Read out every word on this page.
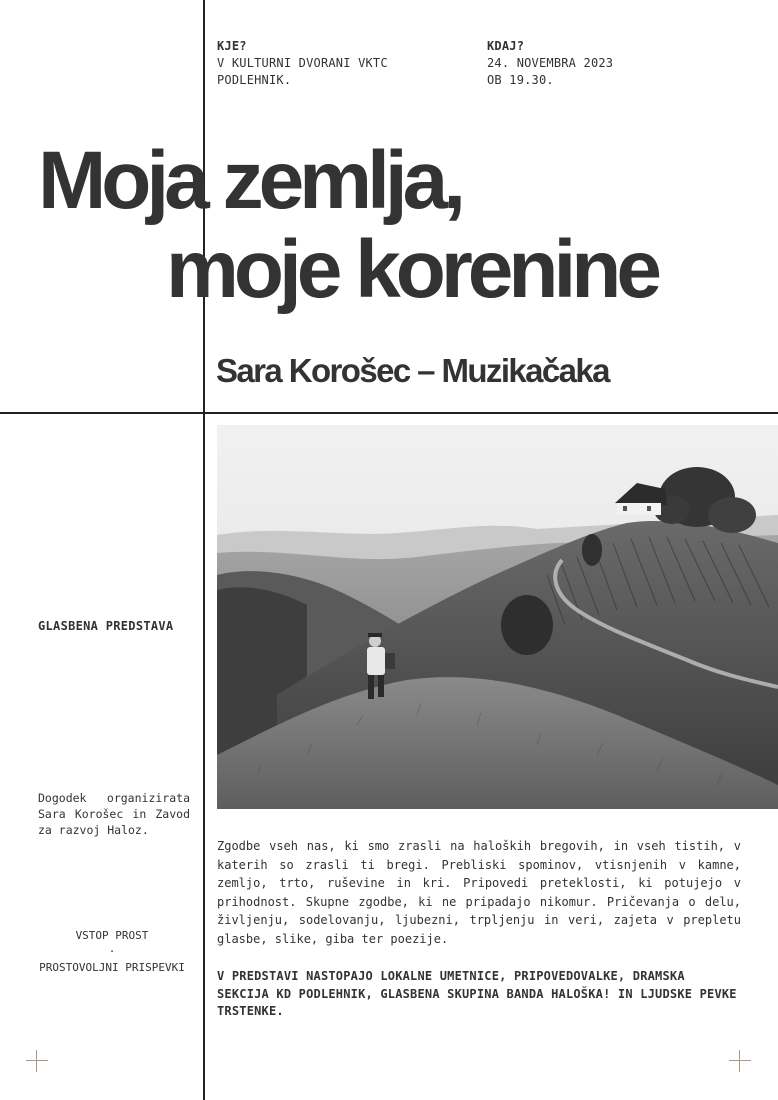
KJE?
V KULTURNI DVORANI VKTC
PODLEHNIK.
KDAJ?
24. NOVEMBRA 2023
OB 19.30.
Moja zemlja,
moje korenine
Sara Korošec – Muzikačaka
GLASBENA PREDSTAVA
Dogodek organizirata Sara Korošec in Zavod za razvoj Haloz.
VSTOP PROST
·
PROSTOVOLJNI PRISPEVKI
Zgodbe vseh nas, ki smo zrasli na haloških bregovih, in vseh tistih, v katerih so zrasli ti bregi. Prebliski spominov, vtisnjenih v kamne, zemljo, trto, ruševine in kri. Pripovedi preteklosti, ki potujejo v prihodnost. Skupne zgodbe, ki ne pripadajo nikomur. Pričevanja o delu, življenju, sodelovanju, ljubezni, trpljenju in veri, zajeta v prepletu glasbe, slike, giba ter poezije.
V PREDSTAVI NASTOPAJO LOKALNE UMETNICE, PRIPOVEDOVALKE, DRAMSKA SEKCIJA KD PODLEHNIK, GLASBENA SKUPINA BANDA HALOŠKA! IN LJUDSKE PEVKE TRSTENKE.
